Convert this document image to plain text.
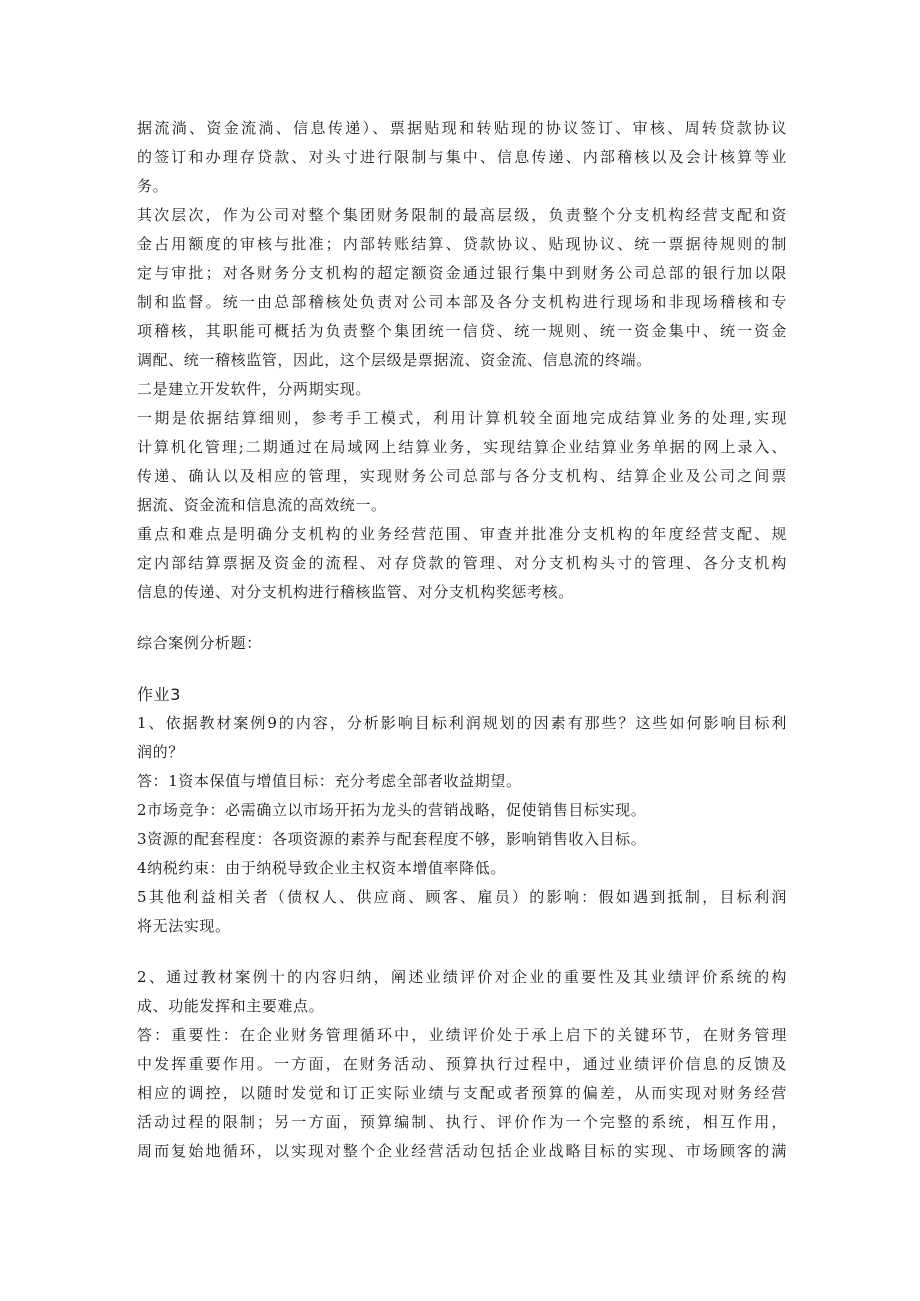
据流淌、资金流淌、信息传递）、票据贴现和转贴现的协议签订、审核、周转贷款协议
的签订和办理存贷款、对头寸进行限制与集中、信息传递、内部稽核以及会计核算等业
务。
其次层次，作为公司对整个集团财务限制的最高层级，负责整个分支机构经营支配和资
金占用额度的审核与批准；内部转账结算、贷款协议、贴现协议、统一票据待规则的制
定与审批；对各财务分支机构的超定额资金通过银行集中到财务公司总部的银行加以限
制和监督。统一由总部稽核处负责对公司本部及各分支机构进行现场和非现场稽核和专
项稽核，其职能可概括为负责整个集团统一信贷、统一规则、统一资金集中、统一资金
调配、统一稽核监管，因此，这个层级是票据流、资金流、信息流的终端。
二是建立开发软件，分两期实现。
一期是依据结算细则，参考手工模式，利用计算机较全面地完成结算业务的处理,实现
计算机化管理;二期通过在局域网上结算业务，实现结算企业结算业务单据的网上录入、
传递、确认以及相应的管理，实现财务公司总部与各分支机构、结算企业及公司之间票
据流、资金流和信息流的高效统一。
重点和难点是明确分支机构的业务经营范围、审查并批准分支机构的年度经营支配、规
定内部结算票据及资金的流程、对存贷款的管理、对分支机构头寸的管理、各分支机构
信息的传递、对分支机构进行稽核监管、对分支机构奖惩考核。
综合案例分析题：
作业3
1、依据教材案例9的内容，分析影响目标利润规划的因素有那些？这些如何影响目标利
润的？
答：1资本保值与增值目标：充分考虑全部者收益期望。
2市场竞争：必需确立以市场开拓为龙头的营销战略，促使销售目标实现。
3资源的配套程度：各项资源的素养与配套程度不够，影响销售收入目标。
4纳税约束：由于纳税导致企业主权资本增值率降低。
5其他利益相关者（债权人、供应商、顾客、雇员）的影响：假如遇到抵制，目标利润
将无法实现。
2、通过教材案例十的内容归纳，阐述业绩评价对企业的重要性及其业绩评价系统的构
成、功能发挥和主要难点。
答：重要性：在企业财务管理循环中，业绩评价处于承上启下的关键环节，在财务管理
中发挥重要作用。一方面，在财务活动、预算执行过程中，通过业绩评价信息的反馈及
相应的调控，以随时发觉和订正实际业绩与支配或者预算的偏差，从而实现对财务经营
活动过程的限制；另一方面，预算编制、执行、评价作为一个完整的系统，相互作用，
周而复始地循环，以实现对整个企业经营活动包括企业战略目标的实现、市场顾客的满
